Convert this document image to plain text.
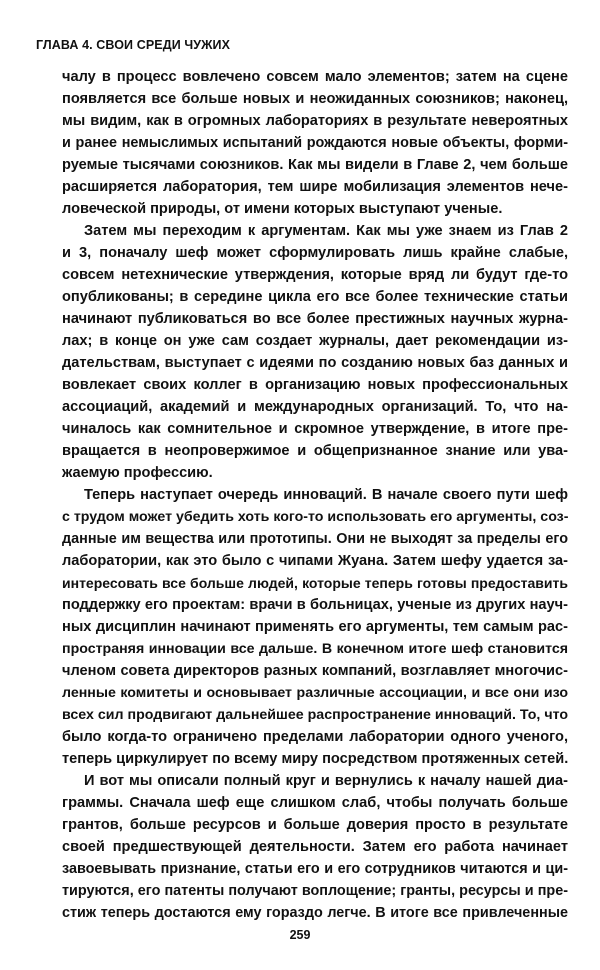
ГЛАВА 4. СВОИ СРЕДИ ЧУЖИХ
чалу в процесс вовлечено совсем мало элементов; затем на сцене
появляется все больше новых и неожиданных союзников; наконец,
мы видим, как в огромных лабораториях в результате невероятных
и ранее немыслимых испытаний рождаются новые объекты, форми-
руемые тысячами союзников. Как мы видели в Главе 2, чем больше
расширяется лаборатория, тем шире мобилизация элементов нече-
ловеческой природы, от имени которых выступают ученые.
Затем мы переходим к аргументам. Как мы уже знаем из Глав 2
и 3, поначалу шеф может сформулировать лишь крайне слабые,
совсем нетехнические утверждения, которые вряд ли будут где-то
опубликованы; в середине цикла его все более технические статьи
начинают публиковаться во все более престижных научных журна-
лах; в конце он уже сам создает журналы, дает рекомендации из-
дательствам, выступает с идеями по созданию новых баз данных и
вовлекает своих коллег в организацию новых профессиональных
ассоциаций, академий и международных организаций. То, что на-
чиналось как сомнительное и скромное утверждение, в итоге пре-
вращается в неопровержимое и общепризнанное знание или ува-
жаемую профессию.
Теперь наступает очередь инноваций. В начале своего пути шеф
с трудом может убедить хоть кого-то использовать его аргументы, соз-
данные им вещества или прототипы. Они не выходят за пределы его
лаборатории, как это было с чипами Жуана. Затем шефу удается за-
интересовать все больше людей, которые теперь готовы предоставить
поддержку его проектам: врачи в больницах, ученые из других науч-
ных дисциплин начинают применять его аргументы, тем самым рас-
пространяя инновации все дальше. В конечном итоге шеф становится
членом совета директоров разных компаний, возглавляет многочис-
ленные комитеты и основывает различные ассоциации, и все они изо
всех сил продвигают дальнейшее распространение инноваций. То, что
было когда-то ограничено пределами лаборатории одного ученого,
теперь циркулирует по всему миру посредством протяженных сетей.
И вот мы описали полный круг и вернулись к началу нашей диа-
граммы. Сначала шеф еще слишком слаб, чтобы получать больше
грантов, больше ресурсов и больше доверия просто в результате
своей предшествующей деятельности. Затем его работа начинает
завоевывать признание, статьи его и его сотрудников читаются и ци-
тируются, его патенты получают воплощение; гранты, ресурсы и пре-
стиж теперь достаются ему гораздо легче. В итоге все привлеченные
259
